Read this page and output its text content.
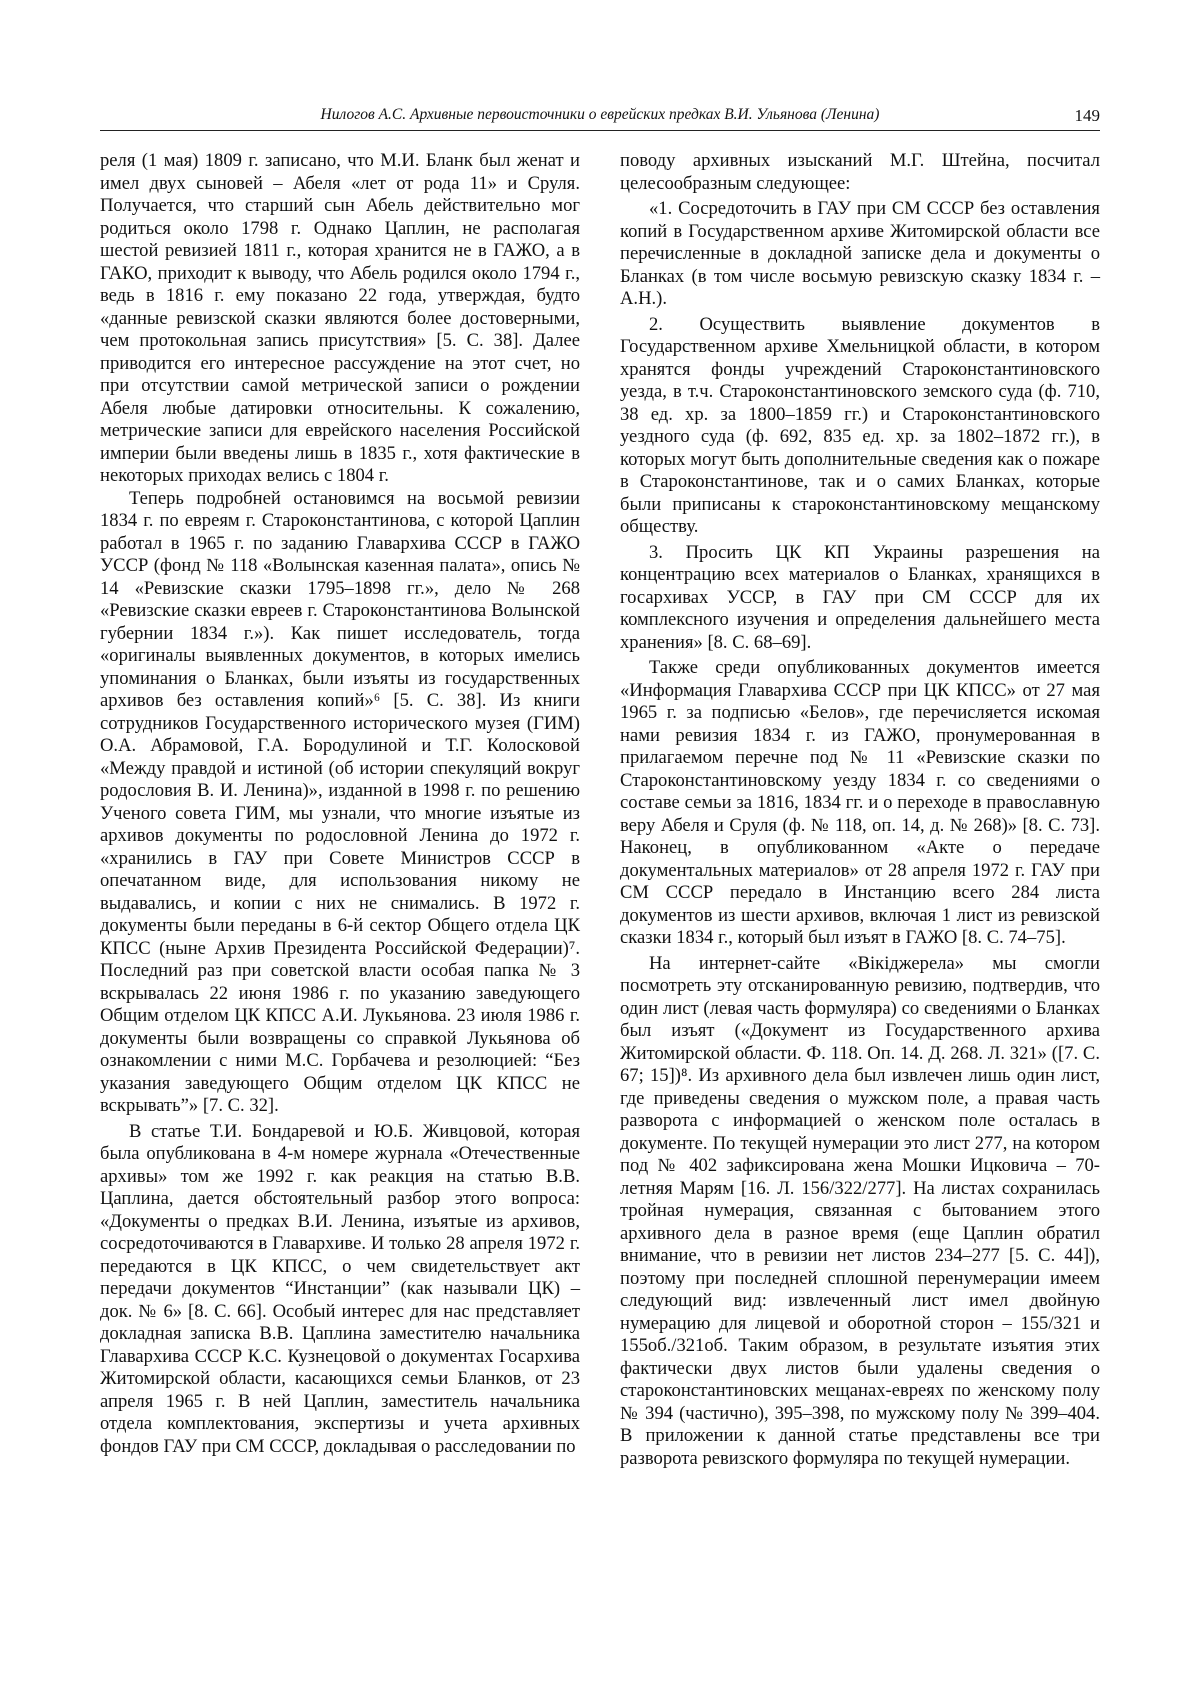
Нилогов А.С. Архивные первоисточники о еврейских предках В.И. Ульянова (Ленина)	149

реля (1 мая) 1809 г. записано, что М.И. Бланк был женат и имел двух сыновей – Абеля «лет от рода 11» и Сруля. Получается, что старший сын Абель действительно мог родиться около 1798 г. Однако Цаплин, не располагая шестой ревизией 1811 г., которая хранится не в ГАЖО, а в ГАКО, приходит к выводу, что Абель родился около 1794 г., ведь в 1816 г. ему показано 22 года, утверждая, будто «данные ревизской сказки являются более достоверными, чем протокольная запись присутствия» [5. С. 38]. Далее приводится его интересное рассуждение на этот счет, но при отсутствии самой метрической записи о рождении Абеля любые датировки относительны. К сожалению, метрические записи для еврейского населения Российской империи были введены лишь в 1835 г., хотя фактические в некоторых приходах велись с 1804 г.

Теперь подробней остановимся на восьмой ревизии 1834 г. по евреям г. Староконстантинова, с которой Цаплин работал в 1965 г. по заданию Главархива СССР в ГАЖО УССР (фонд № 118 «Волынская казенная палата», опись № 14 «Ревизские сказки 1795–1898 гг.», дело № 268 «Ревизские сказки евреев г. Староконстантинова Волынской губернии 1834 г.»). Как пишет исследователь, тогда «оригиналы выявленных документов, в которых имелись упоминания о Бланках, были изъяты из государственных архивов без оставления копий»⁶ [5. С. 38]. Из книги сотрудников Государственного исторического музея (ГИМ) О.А. Абрамовой, Г.А. Бородулиной и Т.Г. Колосковой «Между правдой и истиной (об истории спекуляций вокруг родословия В. И. Ленина)», изданной в 1998 г. по решению Ученого совета ГИМ, мы узнали, что многие изъятые из архивов документы по родословной Ленина до 1972 г. «хранились в ГАУ при Совете Министров СССР в опечатанном виде, для использования никому не выдавались, и копии с них не снимались. В 1972 г. документы были переданы в 6-й сектор Общего отдела ЦК КПСС (ныне Архив Президента Российской Федерации)⁷. Последний раз при советской власти особая папка № 3 вскрывалась 22 июня 1986 г. по указанию заведующего Общим отделом ЦК КПСС А.И. Лукьянова. 23 июля 1986 г. документы были возвращены со справкой Лукьянова об ознакомлении с ними М.С. Горбачева и резолюцией: “Без указания заведующего Общим отделом ЦК КПСС не вскрывать”» [7. С. 32].

В статье Т.И. Бондаревой и Ю.Б. Живцовой, которая была опубликована в 4-м номере журнала «Отечественные архивы» том же 1992 г. как реакция на статью В.В. Цаплина, дается обстоятельный разбор этого вопроса: «Документы о предках В.И. Ленина, изъятые из архивов, сосредоточиваются в Главархиве. И только 28 апреля 1972 г. передаются в ЦК КПСС, о чем свидетельствует акт передачи документов “Инстанции” (как называли ЦК) – док. № 6» [8. С. 66]. Особый интерес для нас представляет докладная записка В.В. Цаплина заместителю начальника Главархива СССР К.С. Кузнецовой о документах Госархива Житомирской области, касающихся семьи Бланков, от 23 апреля 1965 г. В ней Цаплин, заместитель начальника отдела комплектования, экспертизы и учета архивных фондов ГАУ при СМ СССР, докладывая о расследовании по

поводу архивных изысканий М.Г. Штейна, посчитал целесообразным следующее:

«1. Сосредоточить в ГАУ при СМ СССР без оставления копий в Государственном архиве Житомирской области все перечисленные в докладной записке дела и документы о Бланках (в том числе восьмую ревизскую сказку 1834 г. – А.Н.).

2. Осуществить выявление документов в Государственном архиве Хмельницкой области, в котором хранятся фонды учреждений Староконстантиновского уезда, в т.ч. Староконстантиновского земского суда (ф. 710, 38 ед. хр. за 1800–1859 гг.) и Староконстантиновского уездного суда (ф. 692, 835 ед. хр. за 1802–1872 гг.), в которых могут быть дополнительные сведения как о пожаре в Староконстантинове, так и о самих Бланках, которые были приписаны к староконстантиновскому мещанскому обществу.

3. Просить ЦК КП Украины разрешения на концентрацию всех материалов о Бланках, хранящихся в госархивах УССР, в ГАУ при СМ СССР для их комплексного изучения и определения дальнейшего места хранения» [8. С. 68–69].

Также среди опубликованных документов имеется «Информация Главархива СССР при ЦК КПСС» от 27 мая 1965 г. за подписью «Белов», где перечисляется искомая нами ревизия 1834 г. из ГАЖО, пронумерованная в прилагаемом перечне под № 11 «Ревизские сказки по Староконстантиновскому уезду 1834 г. со сведениями о составе семьи за 1816, 1834 гг. и о переходе в православную веру Абеля и Сруля (ф. № 118, оп. 14, д. № 268)» [8. С. 73]. Наконец, в опубликованном «Акте о передаче документальных материалов» от 28 апреля 1972 г. ГАУ при СМ СССР передало в Инстанцию всего 284 листа документов из шести архивов, включая 1 лист из ревизской сказки 1834 г., который был изъят в ГАЖО [8. С. 74–75].

На интернет-сайте «Вікіджерела» мы смогли посмотреть эту отсканированную ревизию, подтвердив, что один лист (левая часть формуляра) со сведениями о Бланках был изъят («Документ из Государственного архива Житомирской области. Ф. 118. Оп. 14. Д. 268. Л. 321» ([7. С. 67; 15])⁸. Из архивного дела был извлечен лишь один лист, где приведены сведения о мужском поле, а правая часть разворота с информацией о женском поле осталась в документе. По текущей нумерации это лист 277, на котором под № 402 зафиксирована жена Мошки Ицковича – 70-летняя Марям [16. Л. 156/322/277]. На листах сохранилась тройная нумерация, связанная с бытованием этого архивного дела в разное время (еще Цаплин обратил внимание, что в ревизии нет листов 234–277 [5. С. 44]), поэтому при последней сплошной перенумерации имеем следующий вид: извлеченный лист имел двойную нумерацию для лицевой и оборотной сторон – 155/321 и 155об./321об. Таким образом, в результате изъятия этих фактически двух листов были удалены сведения о староконстантиновских мещанах-евреях по женскому полу № 394 (частично), 395–398, по мужскому полу № 399–404. В приложении к данной статье представлены все три разворота ревизского формуляра по текущей нумерации.
